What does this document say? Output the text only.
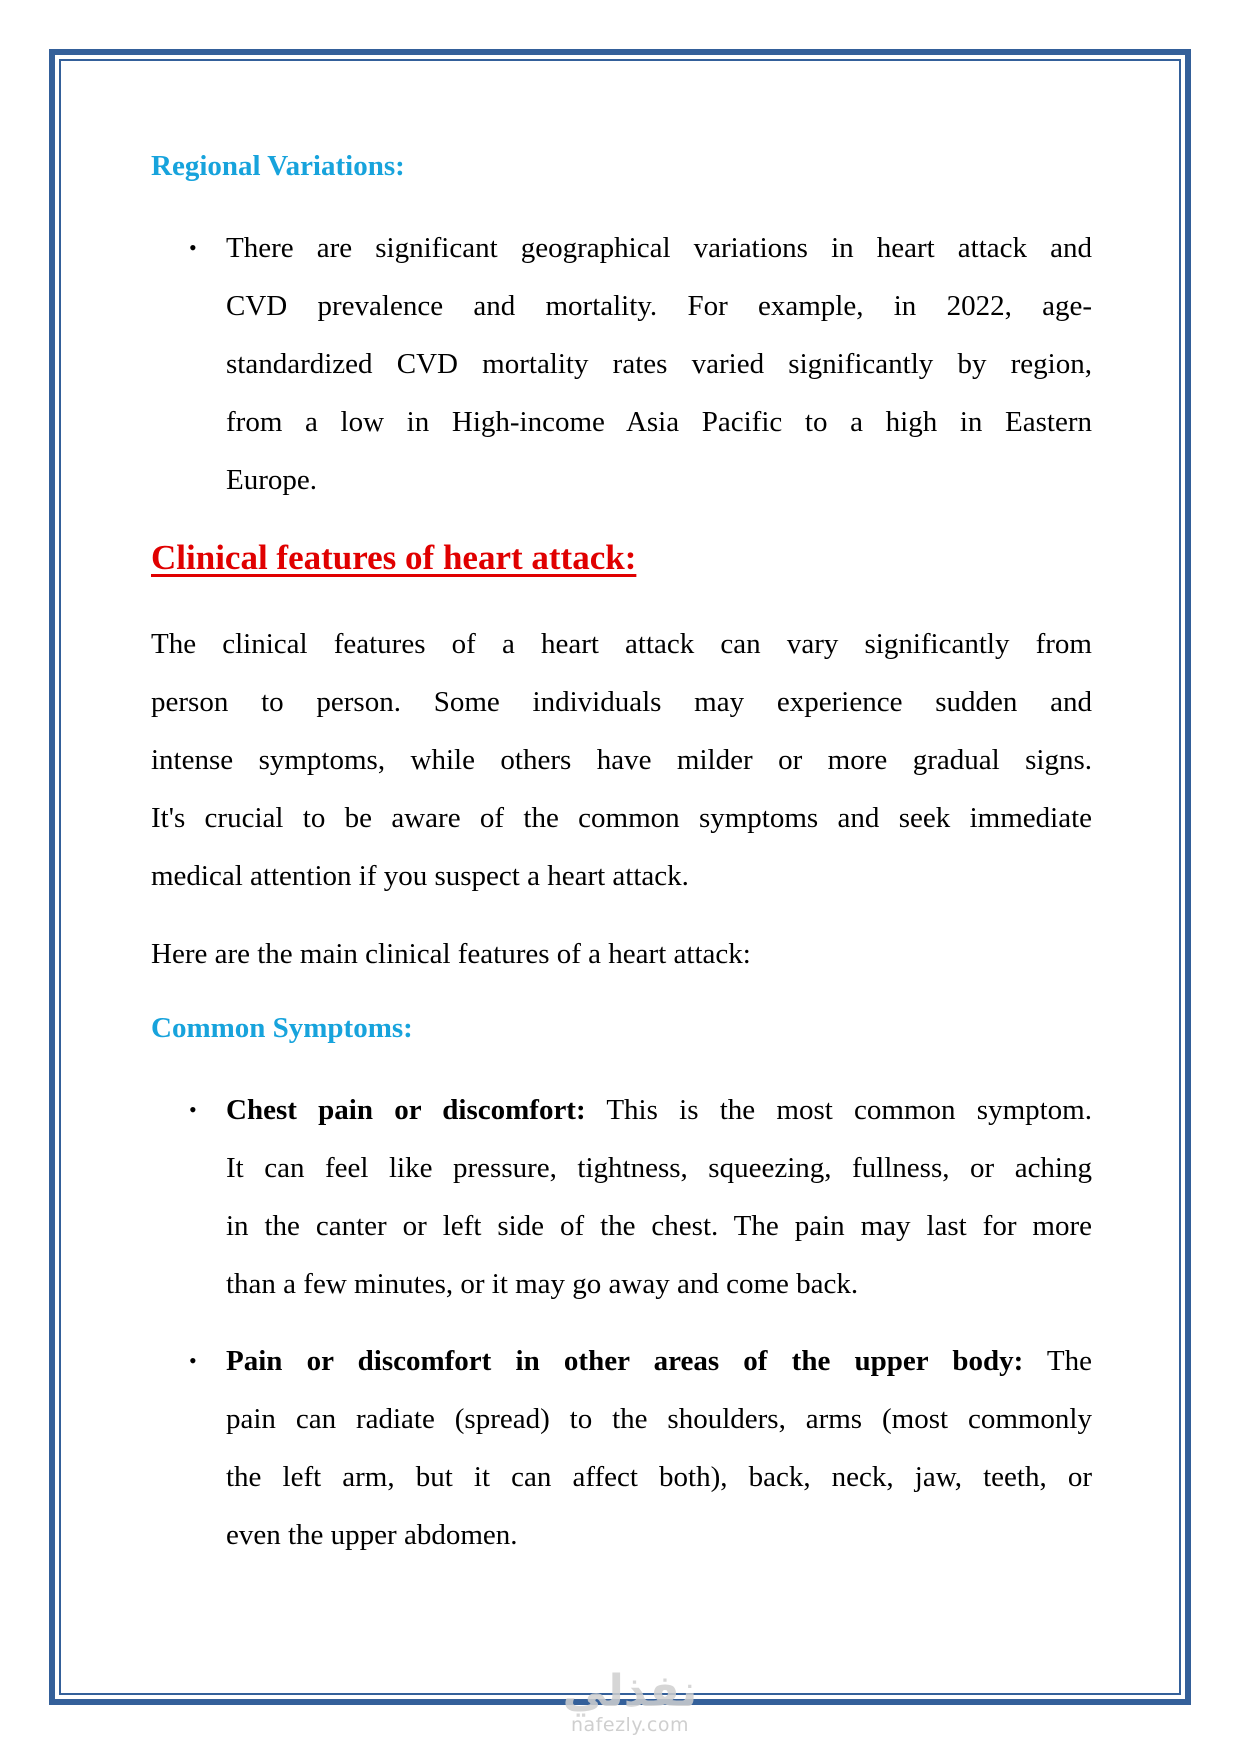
Regional Variations:
• There are significant geographical variations in heart attack and
CVD prevalence and mortality. For example, in 2022, age-
standardized CVD mortality rates varied significantly by region,
from a low in High-income Asia Pacific to a high in Eastern
Europe.
Clinical features of heart attack:
The clinical features of a heart attack can vary significantly from
person to person. Some individuals may experience sudden and
intense symptoms, while others have milder or more gradual signs.
It's crucial to be aware of the common symptoms and seek immediate
medical attention if you suspect a heart attack.
Here are the main clinical features of a heart attack:
Common Symptoms:
• Chest pain or discomfort: This is the most common symptom.
It can feel like pressure, tightness, squeezing, fullness, or aching
in the canter or left side of the chest. The pain may last for more
than a few minutes, or it may go away and come back.
• Pain or discomfort in other areas of the upper body: The
pain can radiate (spread) to the shoulders, arms (most commonly
the left arm, but it can affect both), back, neck, jaw, teeth, or
even the upper abdomen.
نفذلي
nafezly.com
